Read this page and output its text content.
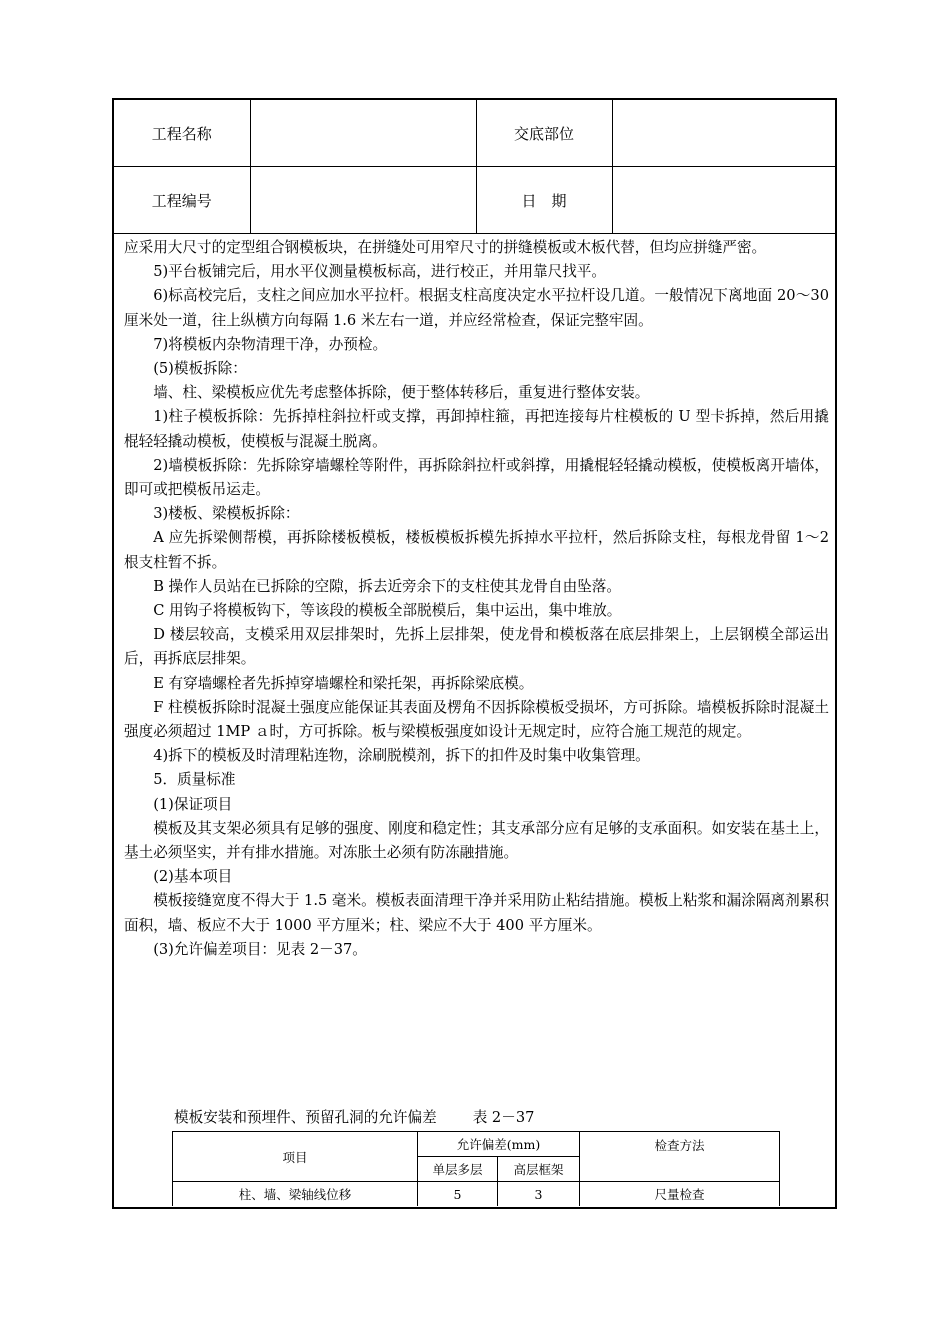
工程名称		交底部位	
工程编号		日　期	

应采用大尺寸的定型组合钢模板块，在拼缝处可用窄尺寸的拼缝模板或木板代替，但均应拼缝严密。

5)平台板铺完后，用水平仪测量模板标高，进行校正，并用靠尺找平。

6)标高校完后，支柱之间应加水平拉杆。根据支柱高度决定水平拉杆设几道。一般情况下离地面 20～30 厘米处一道，往上纵横方向每隔 1.6 米左右一道，并应经常检查，保证完整牢固。

7)将模板内杂物清理干净，办预检。

(5)模板拆除：

墙、柱、梁模板应优先考虑整体拆除，便于整体转移后，重复进行整体安装。

1)柱子模板拆除：先拆掉柱斜拉杆或支撑，再卸掉柱箍，再把连接每片柱模板的 U 型卡拆掉，然后用撬棍轻轻撬动模板，使模板与混凝土脱离。

2)墙模板拆除：先拆除穿墙螺栓等附件，再拆除斜拉杆或斜撑，用撬棍轻轻撬动模板，使模板离开墙体，即可或把模板吊运走。

3)楼板、梁模板拆除：

A 应先拆梁侧帮模，再拆除楼板模板，楼板模板拆模先拆掉水平拉杆，然后拆除支柱，每根龙骨留 1～2 根支柱暂不拆。

B 操作人员站在已拆除的空隙，拆去近旁余下的支柱使其龙骨自由坠落。

C 用钩子将模板钩下，等该段的模板全部脱模后，集中运出，集中堆放。

D 楼层较高，支模采用双层排架时，先拆上层排架，使龙骨和模板落在底层排架上，上层钢模全部运出后，再拆底层排架。

E 有穿墙螺栓者先拆掉穿墙螺栓和梁托架，再拆除梁底模。

F 柱模板拆除时混凝土强度应能保证其表面及楞角不因拆除模板受损坏，方可拆除。墙模板拆除时混凝土强度必须超过 1MP ａ时，方可拆除。板与梁模板强度如设计无规定时，应符合施工规范的规定。

4)拆下的模板及时清理粘连物，涂刷脱模剂，拆下的扣件及时集中收集管理。

5．质量标准

(1)保证项目

模板及其支架必须具有足够的强度、刚度和稳定性；其支承部分应有足够的支承面积。如安装在基土上，基土必须坚实，并有排水措施。对冻胀土必须有防冻融措施。

(2)基本项目

模板接缝宽度不得大于 1.5 毫米。模板表面清理干净并采用防止粘结措施。模板上粘浆和漏涂隔离剂累积面积，墙、板应不大于 1000 平方厘米；柱、梁应不大于 400 平方厘米。

(3)允许偏差项目：见表 2－37。

模板安装和预埋件、预留孔洞的允许偏差 表 2－37
项目	允许偏差(mm)		检查方法
	单层多层	高层框架	
柱、墙、梁轴线位移	5	3	尺量检查
